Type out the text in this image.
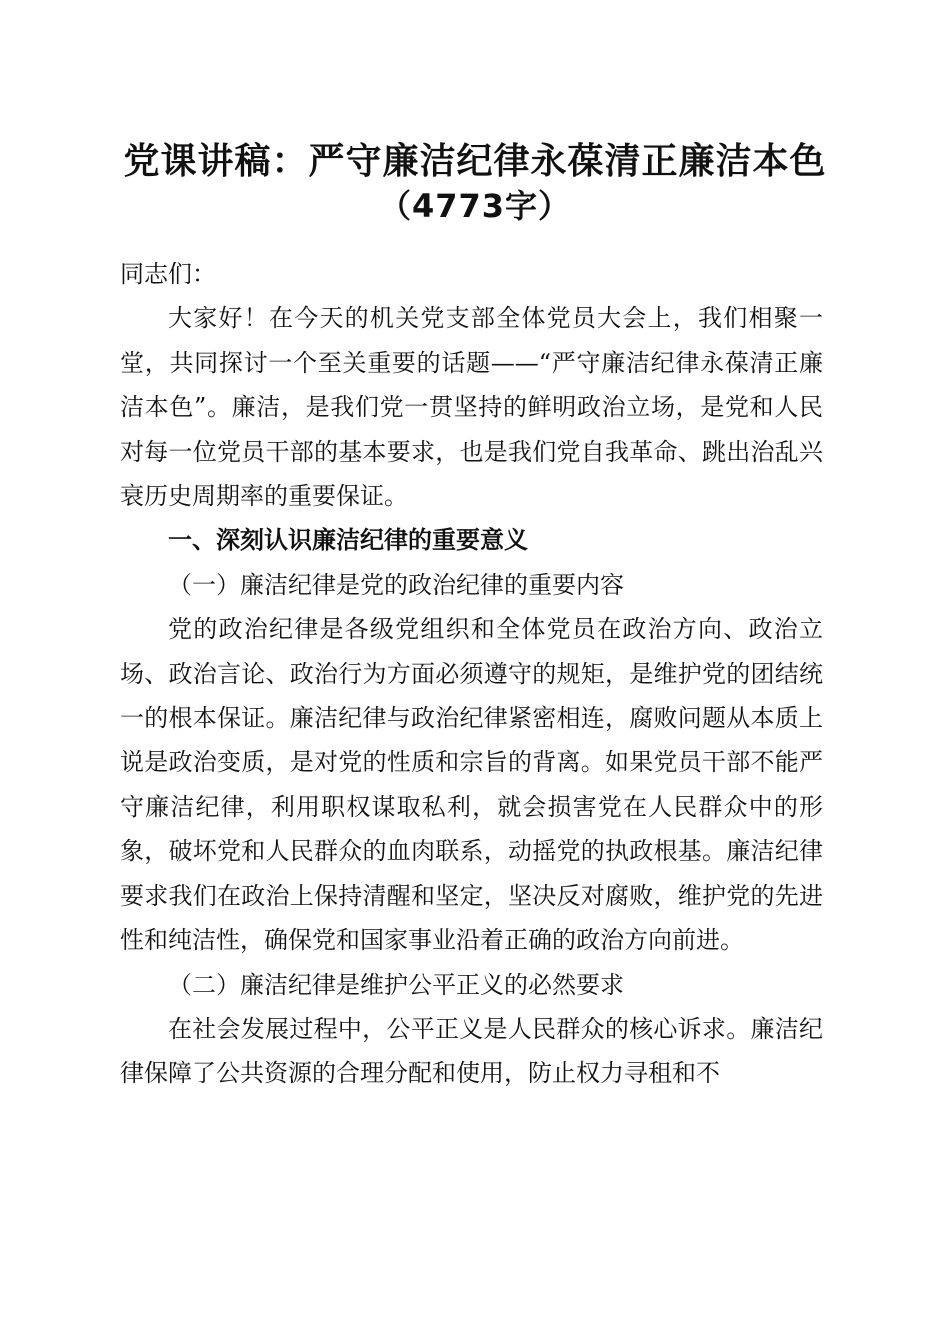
党课讲稿：严守廉洁纪律永葆清正廉洁本色
（4773字）

同志们：

大家好！在今天的机关党支部全体党员大会上，我们相聚一堂，共同探讨一个至关重要的话题——“严守廉洁纪律永葆清正廉洁本色”。廉洁，是我们党一贯坚持的鲜明政治立场，是党和人民对每一位党员干部的基本要求，也是我们党自我革命、跳出治乱兴衰历史周期率的重要保证。

一、深刻认识廉洁纪律的重要意义

（一）廉洁纪律是党的政治纪律的重要内容

党的政治纪律是各级党组织和全体党员在政治方向、政治立场、政治言论、政治行为方面必须遵守的规矩，是维护党的团结统一的根本保证。廉洁纪律与政治纪律紧密相连，腐败问题从本质上说是政治变质，是对党的性质和宗旨的背离。如果党员干部不能严守廉洁纪律，利用职权谋取私利，就会损害党在人民群众中的形象，破坏党和人民群众的血肉联系，动摇党的执政根基。廉洁纪律要求我们在政治上保持清醒和坚定，坚决反对腐败，维护党的先进性和纯洁性，确保党和国家事业沿着正确的政治方向前进。

（二）廉洁纪律是维护公平正义的必然要求

在社会发展过程中，公平正义是人民群众的核心诉求。廉洁纪律保障了公共资源的合理分配和使用，防止权力寻租和不
